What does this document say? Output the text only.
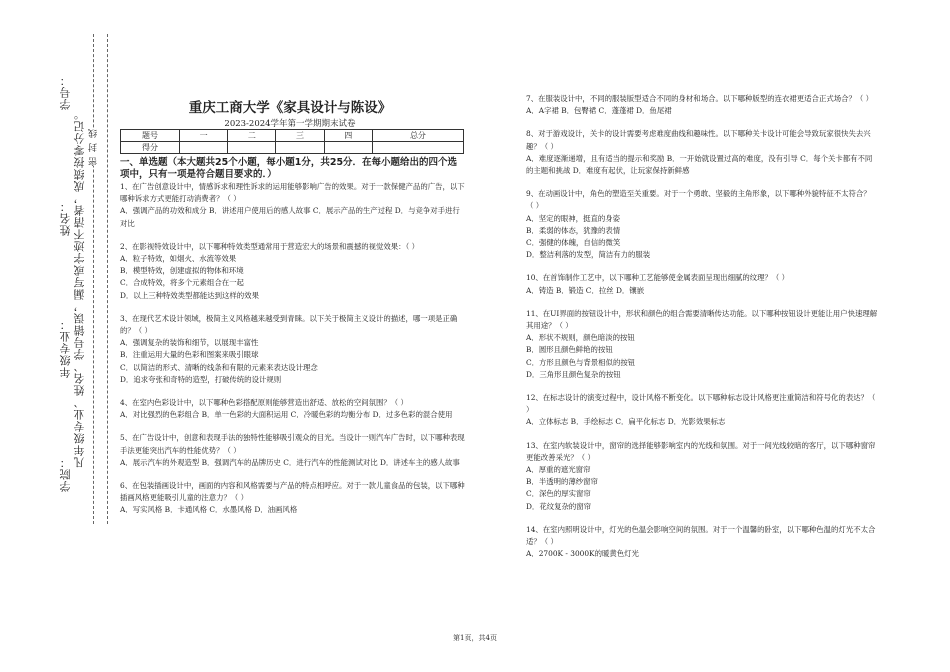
学号：
姓名：
年级专业：
学院：
凡年级专业、姓名、学号错误，漏写或字迹不清者，成绩按零分记。 密 封 线
重庆工商大学《家具设计与陈设》
2023-2024学年第一学期期末试卷
题号	一	二	三	四	总分
得分					
一、单选题（本大题共25个小题，每小题1分，共25分．在每小题给出的四个选项中，只有一项是符合题目要求的．）

1、在广告创意设计中，情感诉求和理性诉求的运用能够影响广告的效果。对于一款保健产品的广告，以下哪种诉求方式更能打动消费者？（ ）

A．强调产品的功效和成分 B．讲述用户使用后的感人故事 C．展示产品的生产过程 D．与竞争对手进行对比

2、在影视特效设计中，以下哪种特效类型通常用于营造宏大的场景和震撼的视觉效果：（ ）

A．粒子特效，如烟火、水流等效果

B．模型特效，创建虚拟的物体和环境

C．合成特效，将多个元素组合在一起

D．以上三种特效类型都能达到这样的效果

3、在现代艺术设计领域，极简主义风格越来越受到青睐。以下关于极简主义设计的描述，哪一项是正确的？（ ）

A．强调复杂的装饰和细节，以展现丰富性

B．注重运用大量的色彩和图案来吸引眼球

C．以简洁的形式、清晰的线条和有限的元素来表达设计理念

D．追求夸张和奇特的造型，打破传统的设计规则

4、在室内色彩设计中，以下哪种色彩搭配原则能够营造出舒适、放松的空间氛围？（ ）

A．对比强烈的色彩组合 B．单一色彩的大面积运用 C．冷暖色彩的均衡分布 D．过多色彩的混合使用

5、在广告设计中，创意和表现手法的独特性能够吸引观众的目光。当设计一则汽车广告时，以下哪种表现手法更能突出汽车的性能优势？（ ）

A．展示汽车的外观造型 B．强调汽车的品牌历史 C．进行汽车的性能测试对比 D．讲述车主的感人故事

6、在包装插画设计中，画面的内容和风格需要与产品的特点相呼应。对于一款儿童食品的包装，以下哪种插画风格更能吸引儿童的注意力？（ ）

A．写实风格 B．卡通风格 C．水墨风格 D．油画风格

7、在服装设计中，不同的服装版型适合不同的身材和场合。以下哪种版型的连衣裙更适合正式场合？（ ）

A．A字裙 B．包臀裙 C．蓬蓬裙 D．鱼尾裙

8、对于游戏设计，关卡的设计需要考虑难度曲线和趣味性。以下哪种关卡设计可能会导致玩家很快失去兴趣？（ ）

A．难度逐渐递增，且有适当的提示和奖励 B．一开始就设置过高的难度，没有引导 C．每个关卡都有不同的主题和挑战 D．难度有起伏，让玩家保持新鲜感

9、在动画设计中，角色的塑造至关重要。对于一个勇敢、坚毅的主角形象，以下哪种外貌特征不太符合？（ ）

A．坚定的眼神，挺直的身姿

B．柔弱的体态，犹豫的表情

C．强健的体魄，自信的微笑

D．整洁利落的发型，简洁有力的服装

10、在首饰制作工艺中，以下哪种工艺能够使金属表面呈现出细腻的纹理？（ ）

A．铸造 B．锻造 C．拉丝 D．镶嵌

11、在UI界面的按钮设计中，形状和颜色的组合需要清晰传达功能。以下哪种按钮设计更能让用户快速理解其用途？（ ）

A．形状不规则，颜色暗淡的按钮

B．圆形且颜色鲜艳的按钮

C．方形且颜色与背景相似的按钮

D．三角形且颜色复杂的按钮

12、在标志设计的演变过程中，设计风格不断变化。以下哪种标志设计风格更注重简洁和符号化的表达？（ ）

A．立体标志 B．手绘标志 C．扁平化标志 D．光影效果标志

13、在室内软装设计中，窗帘的选择能够影响室内的光线和氛围。对于一间光线较暗的客厅，以下哪种窗帘更能改善采光？（ ）

A．厚重的遮光窗帘

B．半透明的薄纱窗帘

C．深色的厚实窗帘

D．花纹复杂的窗帘

14、在室内照明设计中，灯光的色温会影响空间的氛围。对于一个温馨的卧室，以下哪种色温的灯光不太合适？（ ）

A．2700K - 3000K的暖黄色灯光

第1页，共4页
